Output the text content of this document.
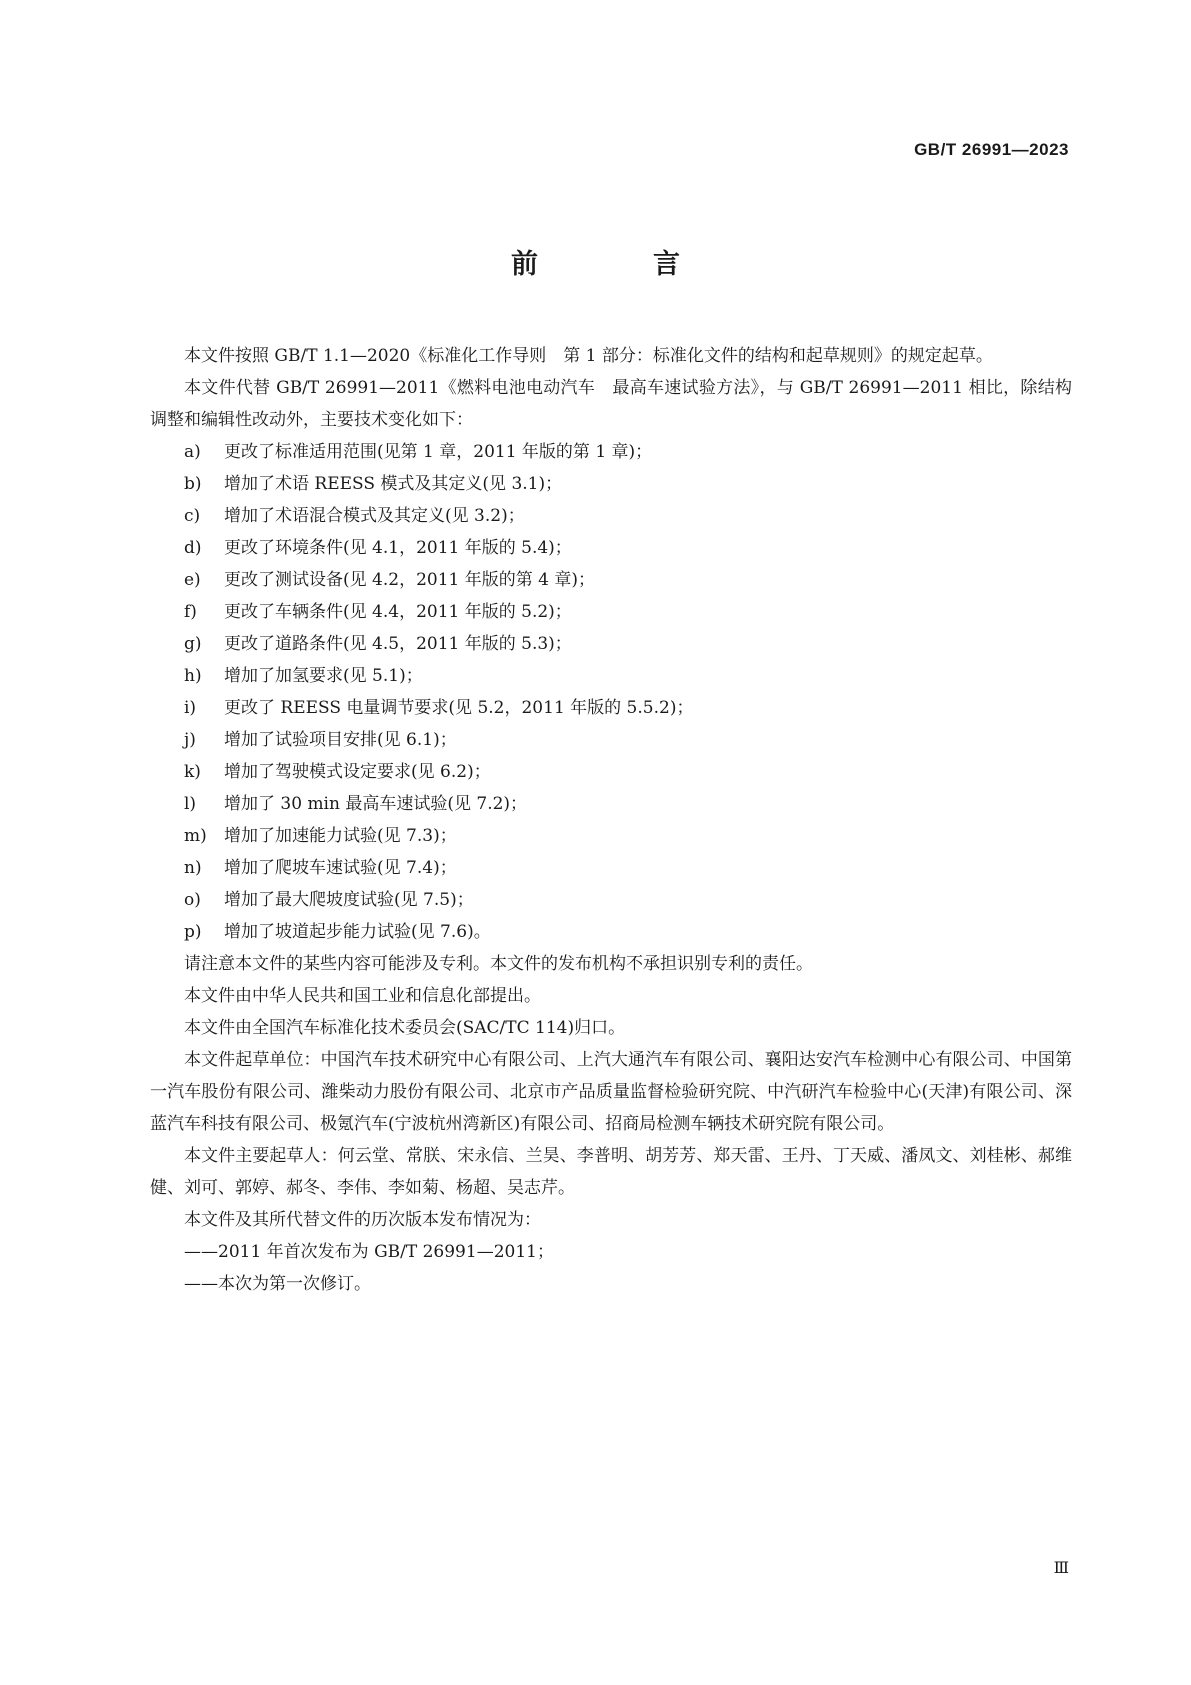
GB/T 26991—2023
前　言

本文件按照 GB/T 1.1—2020《标准化工作导则　第 1 部分：标准化文件的结构和起草规则》的规定起草。

本文件代替 GB/T 26991—2011《燃料电池电动汽车　最高车速试验方法》，与 GB/T 26991—2011 相比，除结构调整和编辑性改动外，主要技术变化如下：

a) 更改了标准适用范围(见第 1 章，2011 年版的第 1 章)；
b) 增加了术语 REESS 模式及其定义(见 3.1)；
c) 增加了术语混合模式及其定义(见 3.2)；
d) 更改了环境条件(见 4.1，2011 年版的 5.4)；
e) 更改了测试设备(见 4.2，2011 年版的第 4 章)；
f) 更改了车辆条件(见 4.4，2011 年版的 5.2)；
g) 更改了道路条件(见 4.5，2011 年版的 5.3)；
h) 增加了加氢要求(见 5.1)；
i) 更改了 REESS 电量调节要求(见 5.2，2011 年版的 5.5.2)；
j) 增加了试验项目安排(见 6.1)；
k) 增加了驾驶模式设定要求(见 6.2)；
l) 增加了 30 min 最高车速试验(见 7.2)；
m) 增加了加速能力试验(见 7.3)；
n) 增加了爬坡车速试验(见 7.4)；
o) 增加了最大爬坡度试验(见 7.5)；
p) 增加了坡道起步能力试验(见 7.6)。

请注意本文件的某些内容可能涉及专利。本文件的发布机构不承担识别专利的责任。

本文件由中华人民共和国工业和信息化部提出。

本文件由全国汽车标准化技术委员会(SAC/TC 114)归口。

本文件起草单位：中国汽车技术研究中心有限公司、上汽大通汽车有限公司、襄阳达安汽车检测中心有限公司、中国第一汽车股份有限公司、潍柴动力股份有限公司、北京市产品质量监督检验研究院、中汽研汽车检验中心(天津)有限公司、深蓝汽车科技有限公司、极氪汽车(宁波杭州湾新区)有限公司、招商局检测车辆技术研究院有限公司。

本文件主要起草人：何云堂、常朕、宋永信、兰昊、李普明、胡芳芳、郑天雷、王丹、丁天威、潘凤文、刘桂彬、郝维健、刘可、郭婷、郝冬、李伟、李如菊、杨超、吴志芹。

本文件及其所代替文件的历次版本发布情况为：

——2011 年首次发布为 GB/T 26991—2011；

——本次为第一次修订。

Ⅲ
